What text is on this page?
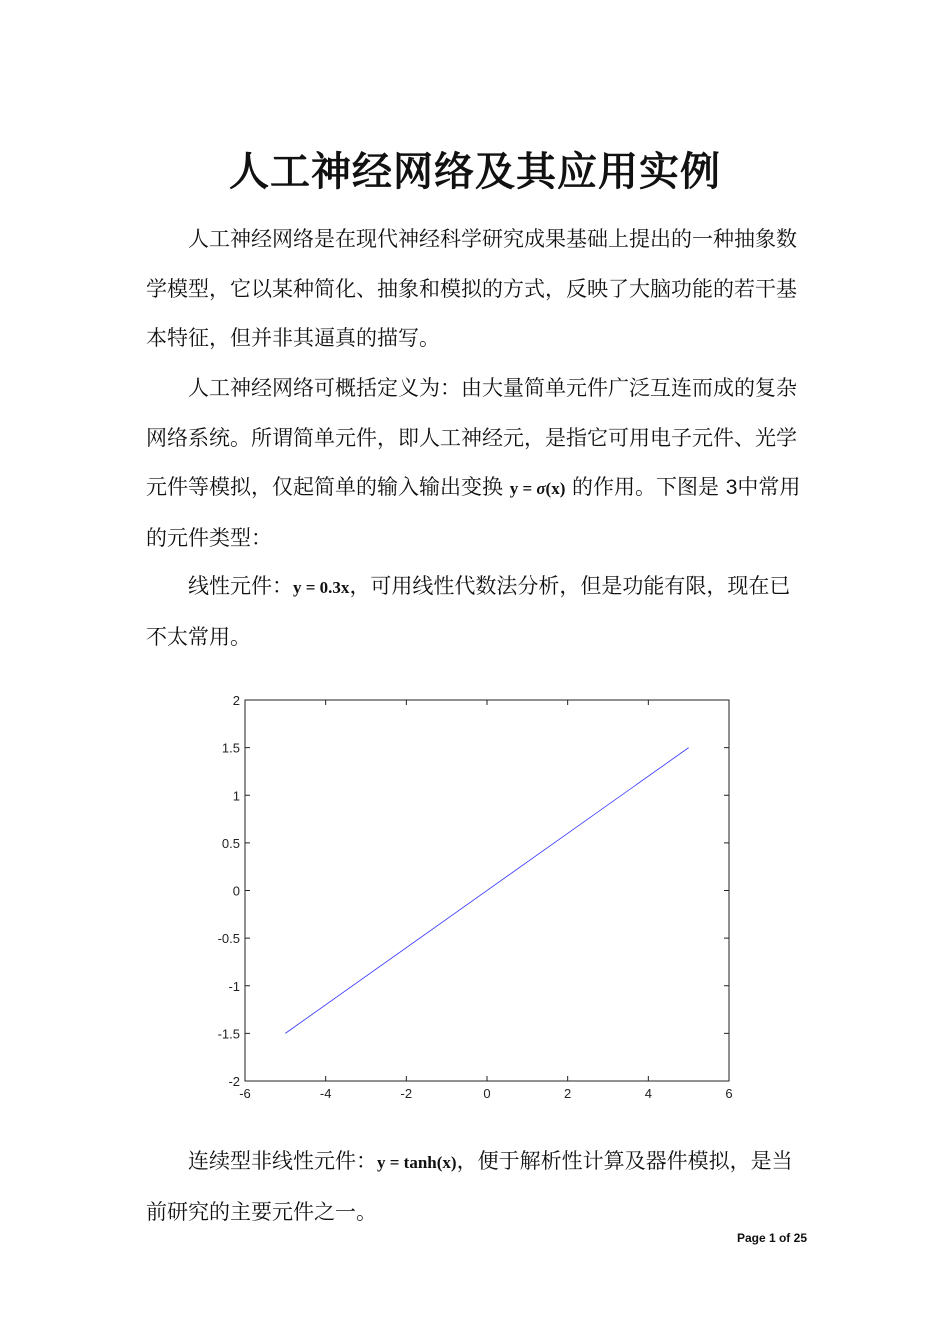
人工神经网络及其应用实例

人工神经网络是在现代神经科学研究成果基础上提出的一种抽象数学模型，它以某种简化、抽象和模拟的方式，反映了大脑功能的若干基本特征，但并非其逼真的描写。

人工神经网络可概括定义为：由大量简单元件广泛互连而成的复杂网络系统。所谓简单元件，即人工神经元，是指它可用电子元件、光学元件等模拟，仅起简单的输入输出变换 y = σ(x) 的作用。下图是 3中常用的元件类型：

线性元件：y = 0.3x，可用线性代数法分析，但是功能有限，现在已不太常用。

-6	-4	-2	0	2	4	6
-2
-1.5
-1
-0.5
0
0.5
1
1.5
2

连续型非线性元件：y = tanh(x)，便于解析性计算及器件模拟，是当前研究的主要元件之一。

Page 1 of 25
